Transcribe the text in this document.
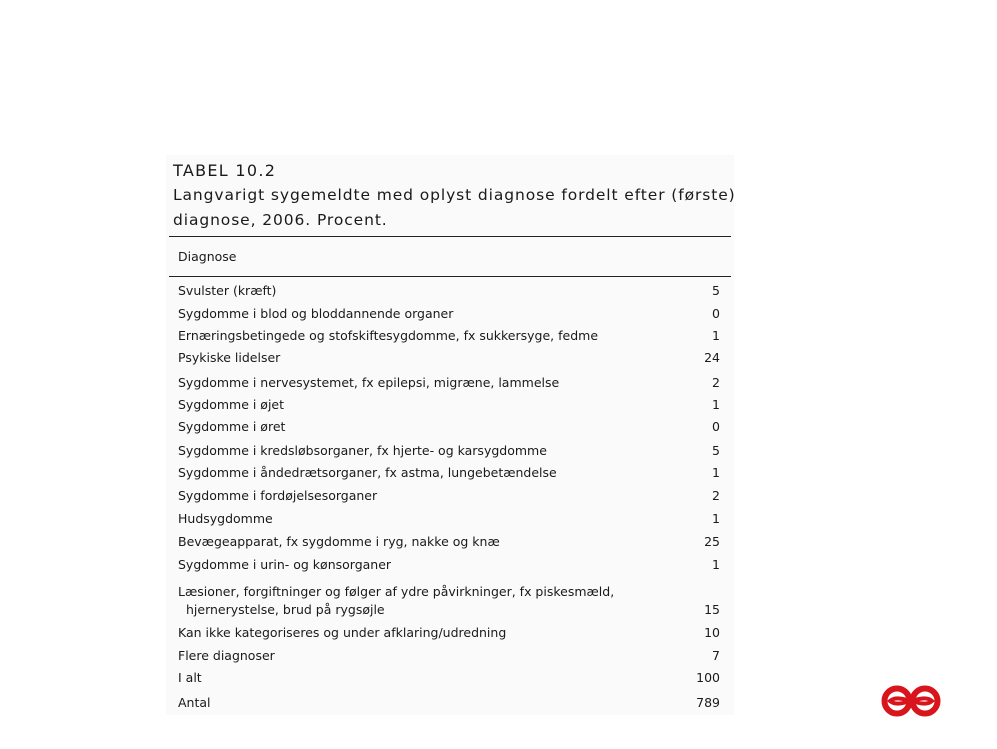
TABEL 10.2
Langvarigt sygemeldte med oplyst diagnose fordelt efter (første)
diagnose, 2006. Procent.
Diagnose
Svulster (kræft)	5
Sygdomme i blod og bloddannende organer	0
Ernæringsbetingede og stofskiftesygdomme, fx sukkersyge, fedme	1
Psykiske lidelser	24
Sygdomme i nervesystemet, fx epilepsi, migræne, lammelse	2
Sygdomme i øjet	1
Sygdomme i øret	0
Sygdomme i kredsløbsorganer, fx hjerte- og karsygdomme	5
Sygdomme i åndedrætsorganer, fx astma, lungebetændelse	1
Sygdomme i fordøjelsesorganer	2
Hudsygdomme	1
Bevægeapparat, fx sygdomme i ryg, nakke og knæ	25
Sygdomme i urin- og kønsorganer	1
Læsioner, forgiftninger og følger af ydre påvirkninger, fx piskesmæld,
hjernerystelse, brud på rygsøjle	15
Kan ikke kategoriseres og under afklaring/udredning	10
Flere diagnoser	7
I alt	100
Antal	789
